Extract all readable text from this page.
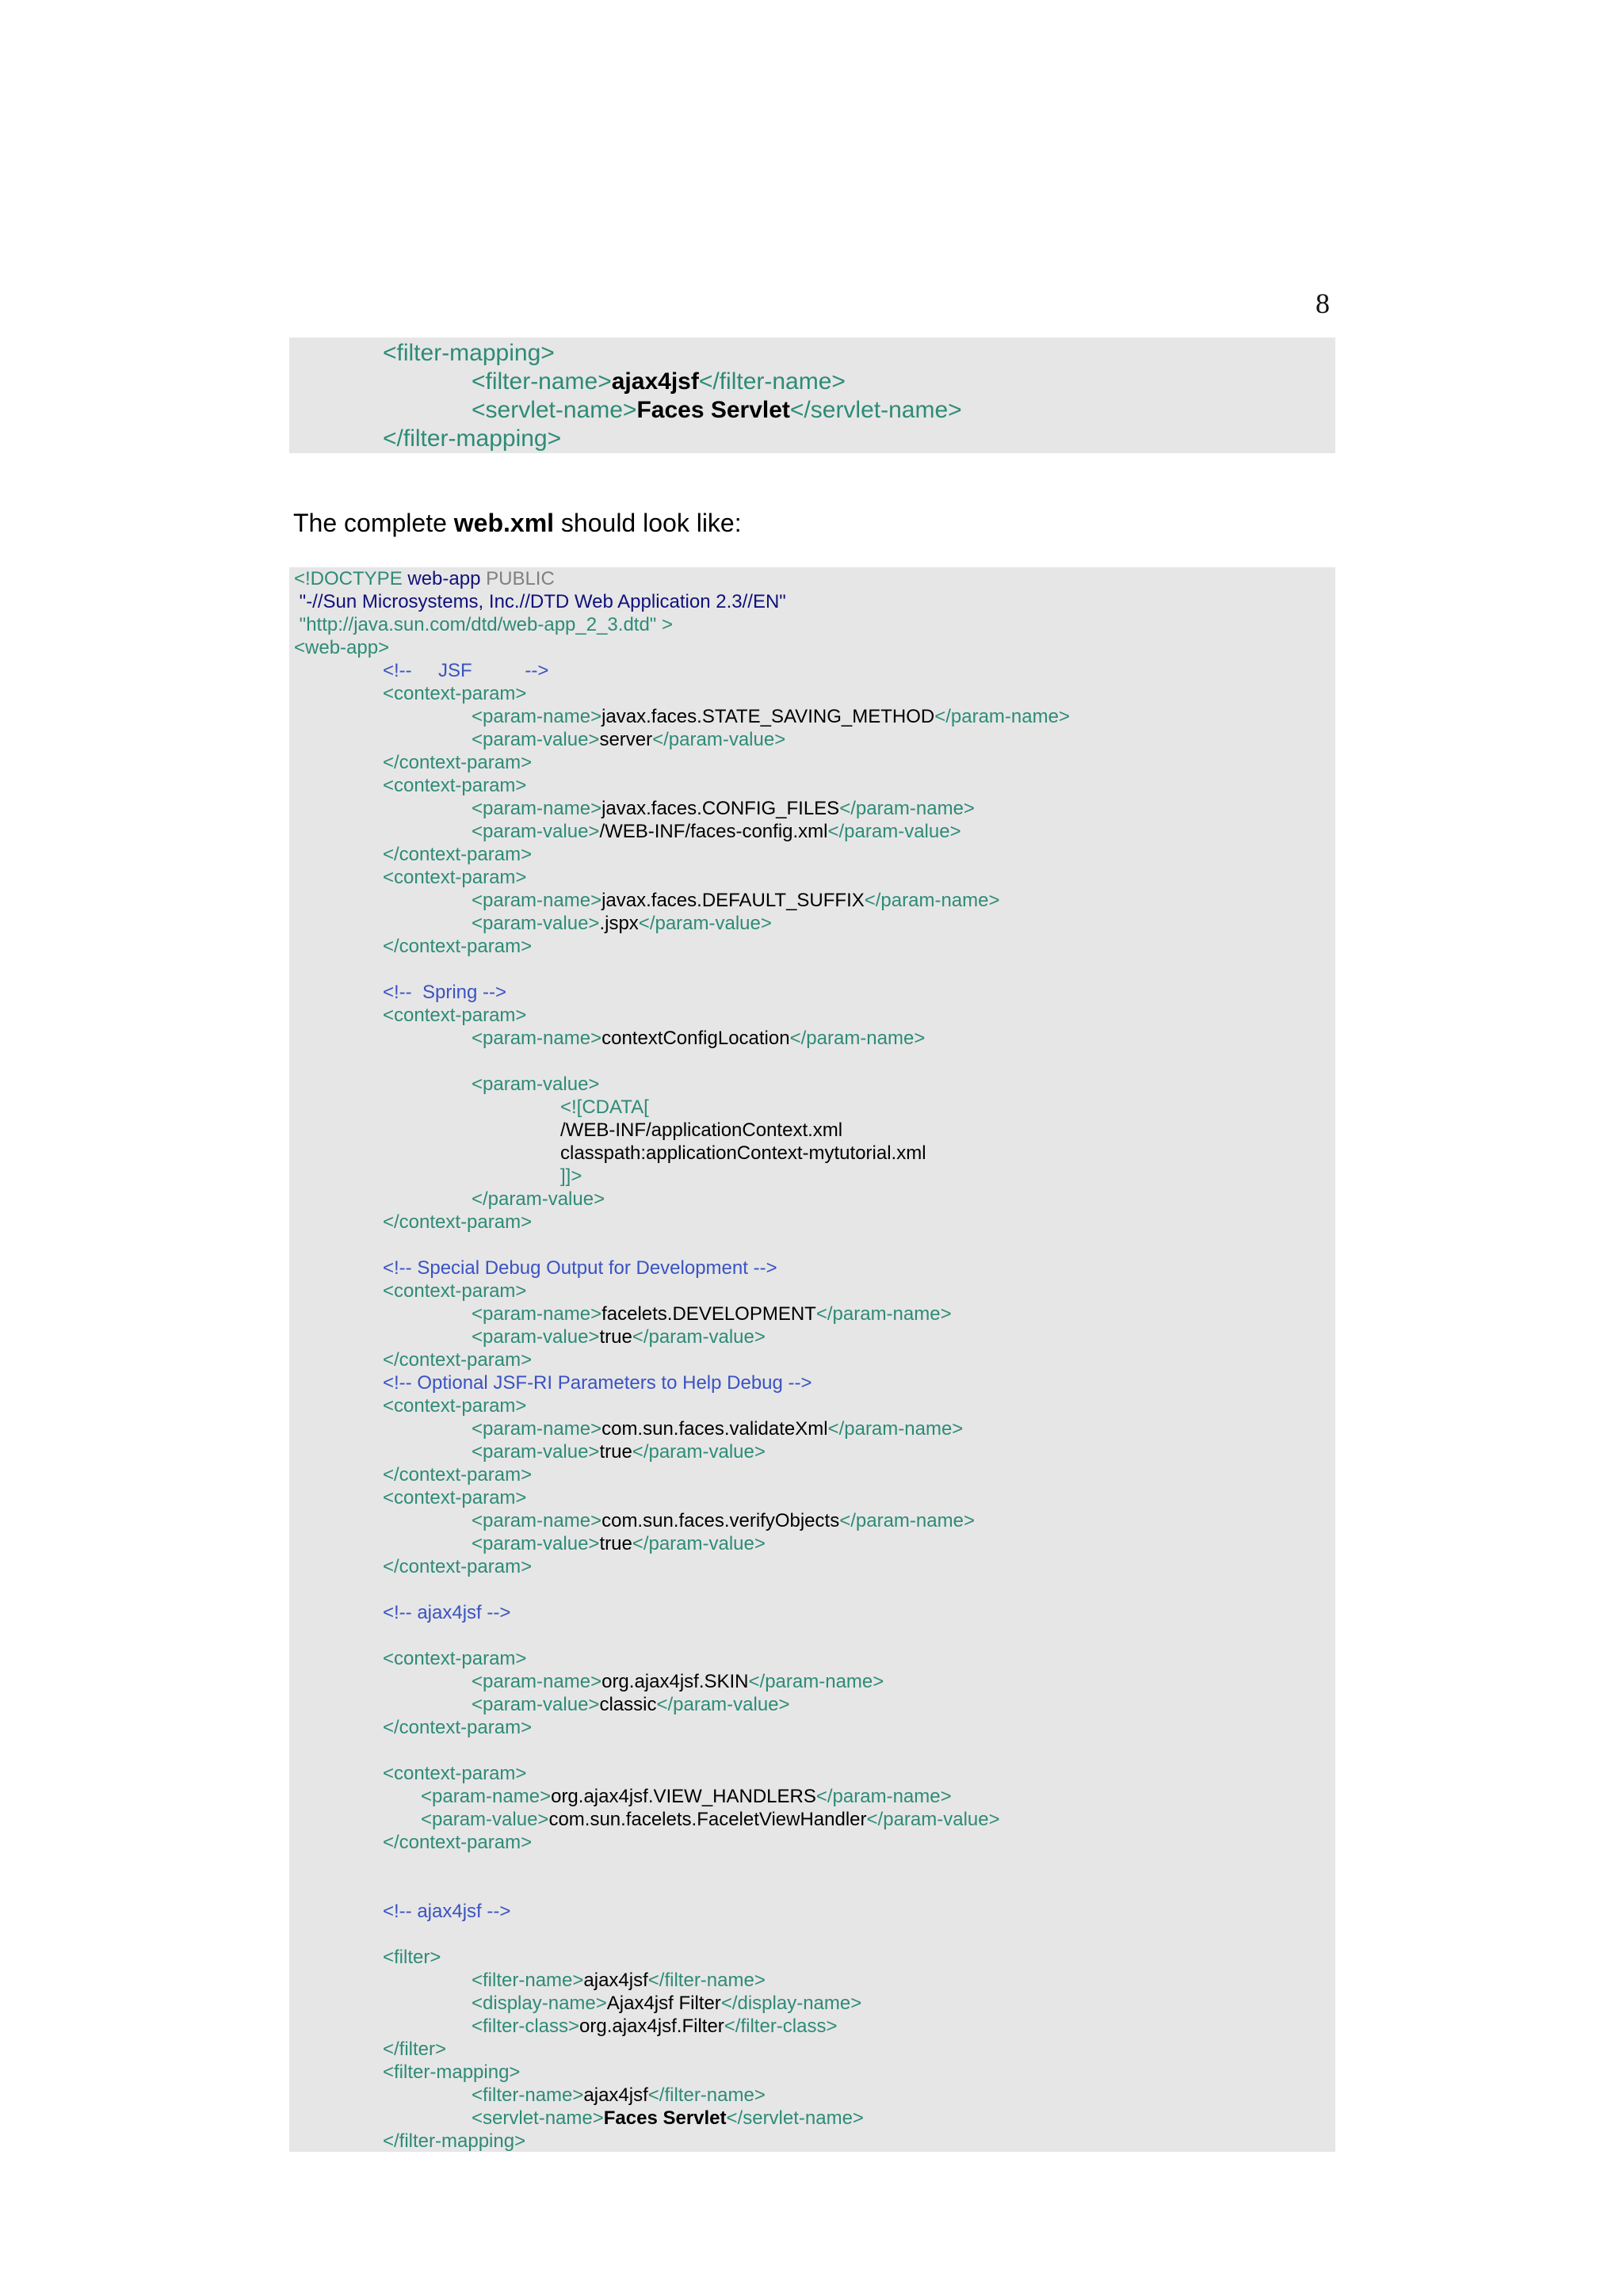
8
<filter-mapping>
<filter-name>ajax4jsf</filter-name>
<servlet-name>Faces Servlet</servlet-name>
</filter-mapping>
The complete web.xml should look like:
<!DOCTYPE web-app PUBLIC
"-//Sun Microsystems, Inc.//DTD Web Application 2.3//EN"
"http://java.sun.com/dtd/web-app_2_3.dtd" >
<web-app>
<!--     JSF          -->
<context-param>
<param-name>javax.faces.STATE_SAVING_METHOD</param-name>
<param-value>server</param-value>
</context-param>
<context-param>
<param-name>javax.faces.CONFIG_FILES</param-name>
<param-value>/WEB-INF/faces-config.xml</param-value>
</context-param>
<context-param>
<param-name>javax.faces.DEFAULT_SUFFIX</param-name>
<param-value>.jspx</param-value>
</context-param>
<!--  Spring -->
<context-param>
<param-name>contextConfigLocation</param-name>
<param-value>
<![CDATA[
/WEB-INF/applicationContext.xml
classpath:applicationContext-mytutorial.xml
]]>
</param-value>
</context-param>
<!-- Special Debug Output for Development -->
<context-param>
<param-name>facelets.DEVELOPMENT</param-name>
<param-value>true</param-value>
</context-param>
<!-- Optional JSF-RI Parameters to Help Debug -->
<context-param>
<param-name>com.sun.faces.validateXml</param-name>
<param-value>true</param-value>
</context-param>
<context-param>
<param-name>com.sun.faces.verifyObjects</param-name>
<param-value>true</param-value>
</context-param>
<!-- ajax4jsf -->
<context-param>
<param-name>org.ajax4jsf.SKIN</param-name>
<param-value>classic</param-value>
</context-param>
<context-param>
<param-name>org.ajax4jsf.VIEW_HANDLERS</param-name>
<param-value>com.sun.facelets.FaceletViewHandler</param-value>
</context-param>
<!-- ajax4jsf -->
<filter>
<filter-name>ajax4jsf</filter-name>
<display-name>Ajax4jsf Filter</display-name>
<filter-class>org.ajax4jsf.Filter</filter-class>
</filter>
<filter-mapping>
<filter-name>ajax4jsf</filter-name>
<servlet-name>Faces Servlet</servlet-name>
</filter-mapping>
